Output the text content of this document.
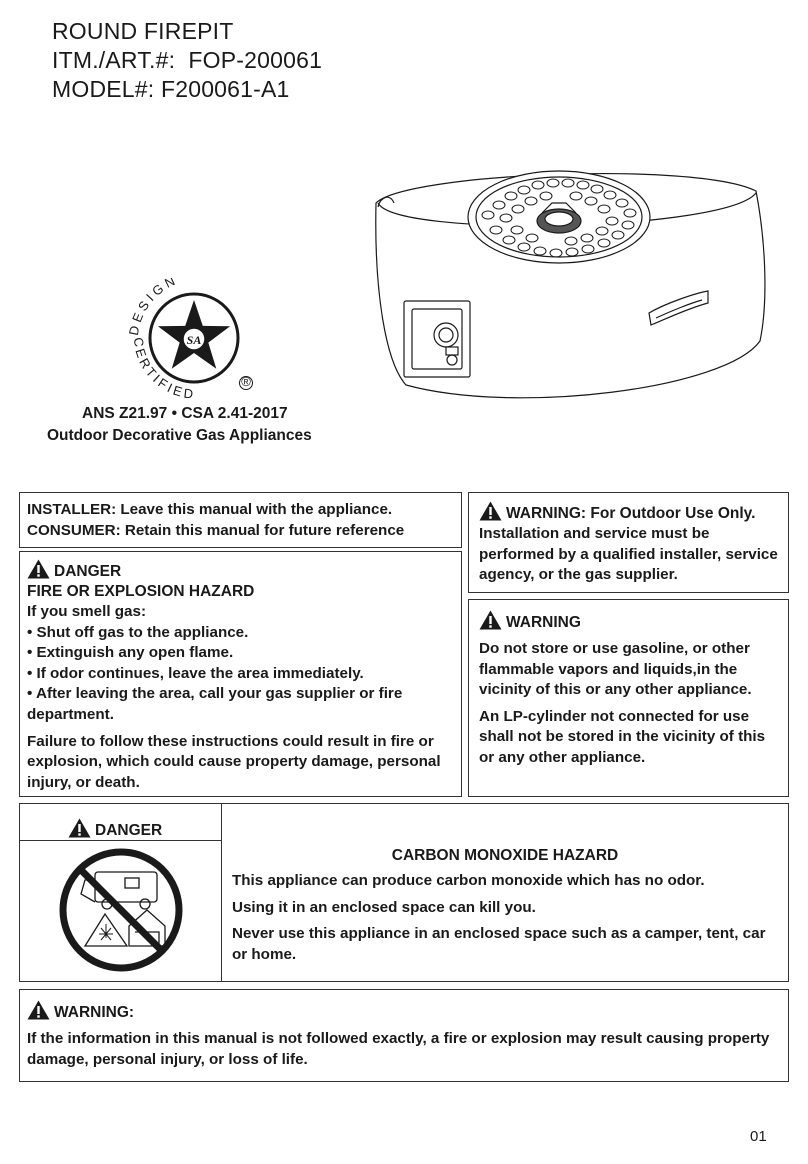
ROUND FIREPIT
ITM./ART.#:  FOP-200061
MODEL#: F200061-A1
SA
DESIGN
CERTIFIED
®
ANS Z21.97 • CSA 2.41-2017
Outdoor Decorative Gas Appliances
INSTALLER: Leave this manual with the appliance.
CONSUMER: Retain this manual for future reference
DANGER
FIRE OR EXPLOSION HAZARD
If you smell gas:
• Shut off gas to the appliance.
• Extinguish any open flame.
• If odor continues, leave the area immediately.
• After leaving the area, call your gas supplier or fire department.
Failure to follow these instructions could result in fire or explosion, which could cause property damage, personal injury, or death.
WARNING: For Outdoor Use Only.
Installation and service must be performed by a qualified installer, service agency, or the gas supplier.
WARNING
Do not store or use gasoline, or other flammable vapors and liquids,in the vicinity of this or any other appliance.
An LP-cylinder not connected for use shall not be stored in the vicinity of this or any other appliance.
DANGER
CARBON MONOXIDE HAZARD
This appliance can produce carbon monoxide which has no odor.
Using it in an enclosed space can kill you.
Never use this appliance in an enclosed space such as a camper, tent, car or home.
WARNING:
If the information in this manual is not followed exactly, a fire or explosion may result causing property damage, personal injury, or loss of life.
01
